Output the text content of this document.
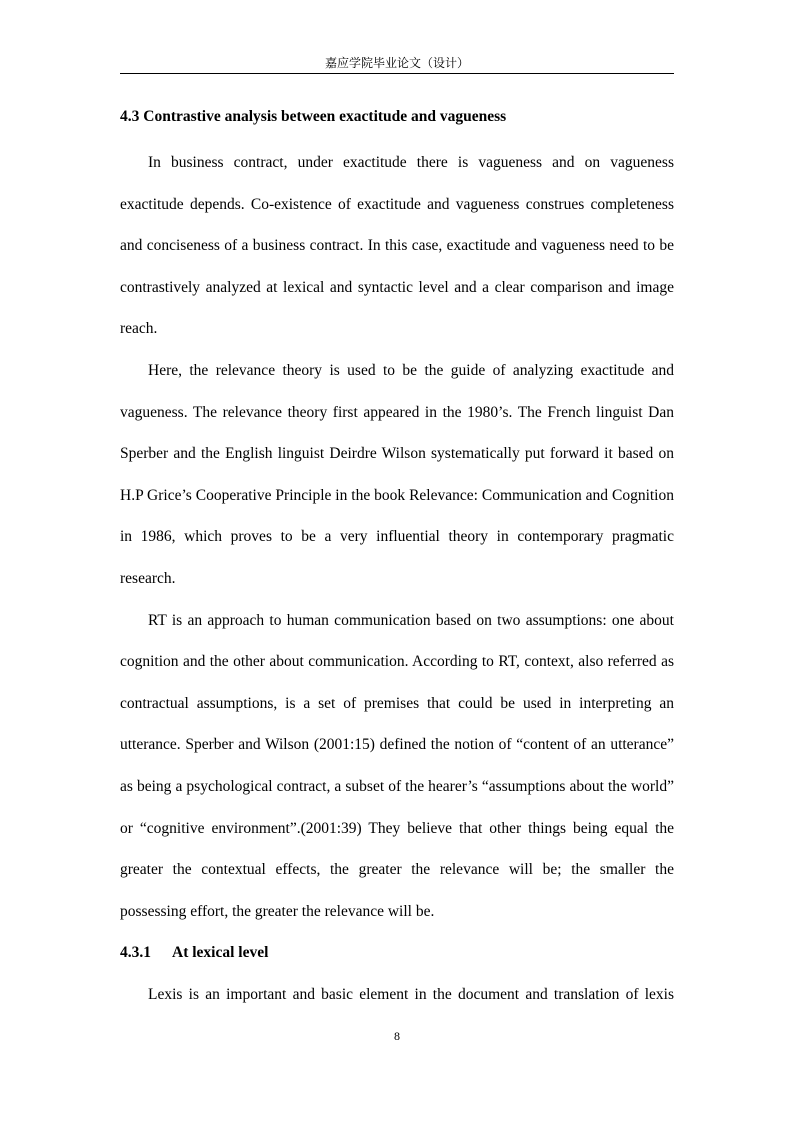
嘉应学院毕业论文（设计）
4.3 Contrastive analysis between exactitude and vagueness

In business contract, under exactitude there is vagueness and on vagueness exactitude depends. Co-existence of exactitude and vagueness construes completeness and conciseness of a business contract. In this case, exactitude and vagueness need to be contrastively analyzed at lexical and syntactic level and a clear comparison and image reach.

Here, the relevance theory is used to be the guide of analyzing exactitude and vagueness. The relevance theory first appeared in the 1980’s. The French linguist Dan Sperber and the English linguist Deirdre Wilson systematically put forward it based on H.P Grice’s Cooperative Principle in the book Relevance: Communication and Cognition in 1986, which proves to be a very influential theory in contemporary pragmatic research.

RT is an approach to human communication based on two assumptions: one about cognition and the other about communication. According to RT, context, also referred as contractual assumptions, is a set of premises that could be used in interpreting an utterance. Sperber and Wilson (2001:15) defined the notion of “content of an utterance” as being a psychological contract, a subset of the hearer’s “assumptions about the world” or “cognitive environment”.(2001:39) They believe that other things being equal the greater the contextual effects, the greater the relevance will be; the smaller the possessing effort, the greater the relevance will be.

4.3.1 At lexical level

Lexis is an important and basic element in the document and translation of lexis

8
